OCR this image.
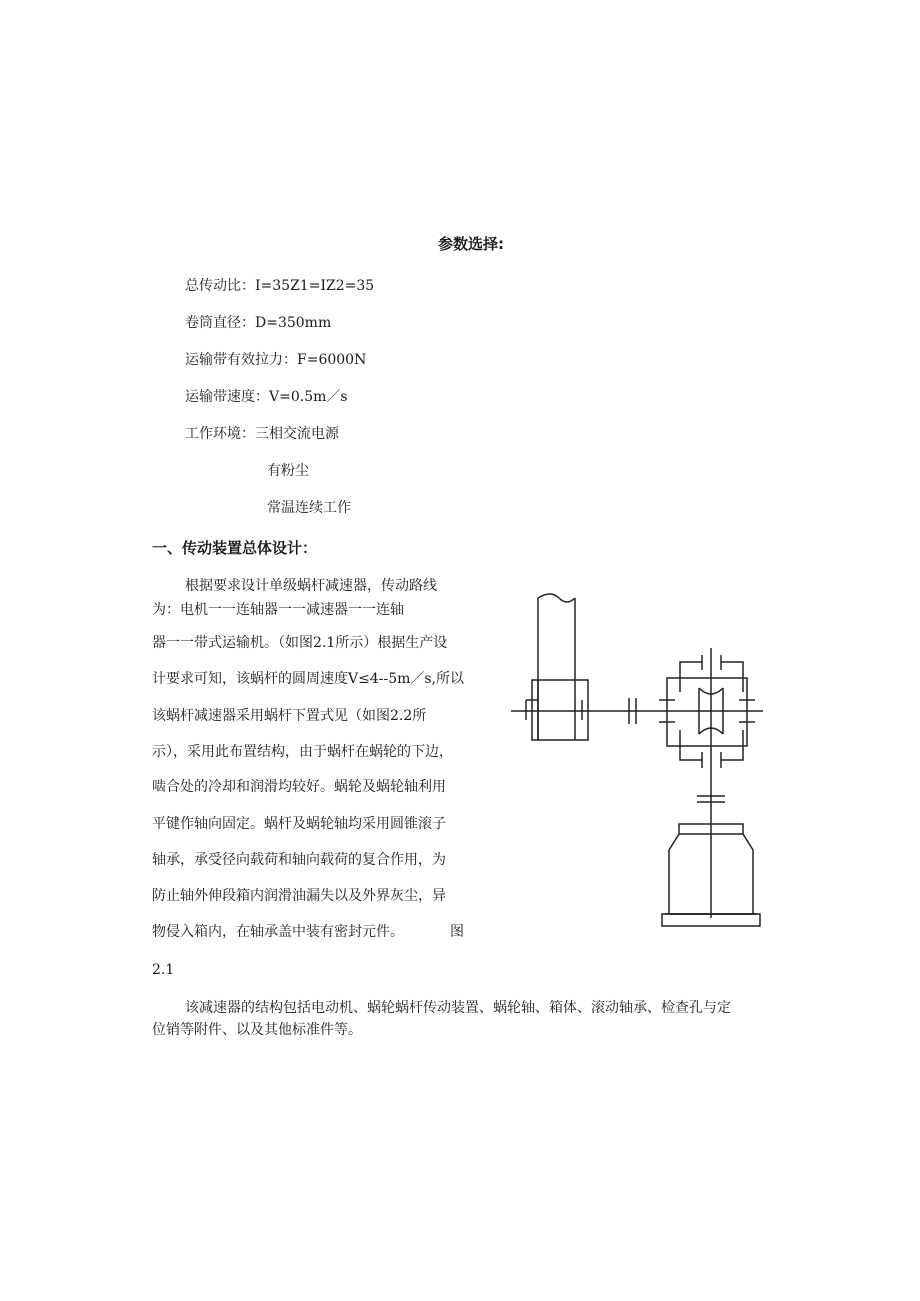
参数选择:
总传动比：I=35Z1=IZ2=35
卷筒直径：D=350mm
运输带有效拉力：F=6000N
运输带速度：V=0.5m／s
工作环境：三相交流电源
有粉尘
常温连续工作
一、传动装置总体设计：
根据要求设计单级蜗杆减速器，传动路线
为：电机一一连轴器一一减速器一一连轴
器一一带式运输机。（如图2.1所示）根据生产设
计要求可知，该蜗杆的圆周速度V≤4--5m／s,所以
该蜗杆减速器采用蜗杆下置式见（如图2.2所
示），采用此布置结构，由于蜗杆在蜗轮的下边，
啮合处的冷却和润滑均较好。蜗轮及蜗轮轴利用
平键作轴向固定。蜗杆及蜗轮轴均采用圆锥滚子
轴承，承受径向载荷和轴向载荷的复合作用，为
防止轴外伸段箱内润滑油漏失以及外界灰尘，异
物侵入箱内，在轴承盖中装有密封元件。	图
2.1
该减速器的结构包括电动机、蜗轮蜗杆传动装置、蜗轮轴、箱体、滚动轴承、检查孔与定
位销等附件、以及其他标准件等。
